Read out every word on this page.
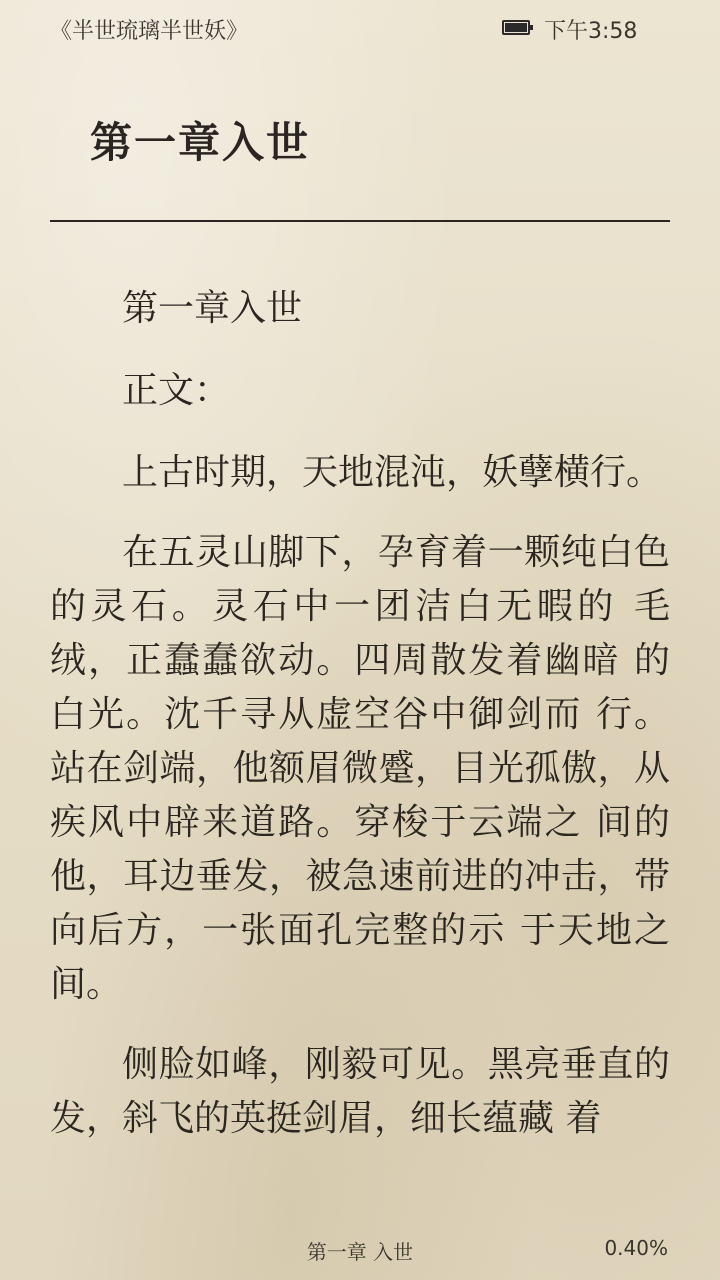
《半世琉璃半世妖》	下午3:58
第一章入世

第一章入世

正文：

上古时期，天地混沌，妖孽横行。

在五灵山脚下，孕育着一颗纯白色的灵石。灵石中一团洁白无暇的 毛绒，正蠢蠢欲动。四周散发着幽暗 的白光。沈千寻从虚空谷中御剑而 行。站在剑端，他额眉微蹙，目光孤傲，从疾风中辟来道路。穿梭于云端之 间的他，耳边垂发，被急速前进的冲击，带向后方，一张面孔完整的示 于天地之间。

侧脸如峰，刚毅可见。黑亮垂直的发，斜飞的英挺剑眉，细长蕴藏 着

第一章 入世	0.40%
